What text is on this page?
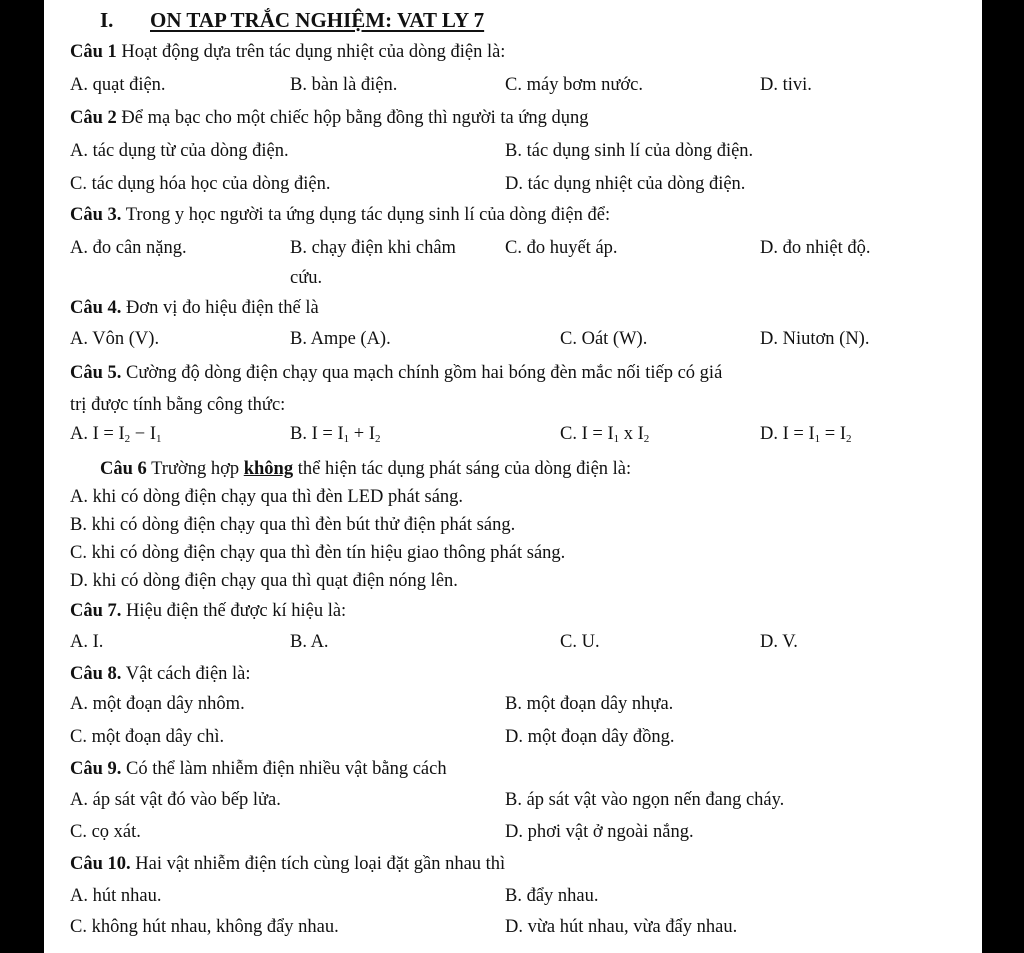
I. ON TAP TRẮC NGHIỆM: VAT LY 7
Câu 1 Hoạt động dựa trên tác dụng nhiệt của dòng điện là:
A. quạt điện.	B. bàn là điện.	C. máy bơm nước.	D. tivi.
Câu 2 Để mạ bạc cho một chiếc hộp bằng đồng thì người ta ứng dụng
A. tác dụng từ của dòng điện.	B. tác dụng sinh lí của dòng điện.
C. tác dụng hóa học của dòng điện.	D. tác dụng nhiệt của dòng điện.
Câu 3. Trong y học người ta ứng dụng tác dụng sinh lí của dòng điện để:
A. đo cân nặng.	B. chạy điện khi châm	C. đo huyết áp.	D. đo nhiệt độ.
cứu.
Câu 4. Đơn vị đo hiệu điện thế là
A. Vôn (V).	B. Ampe (A).	C. Oát (W).	D. Niutơn (N).
Câu 5. Cường độ dòng điện chạy qua mạch chính gồm hai bóng đèn mắc nối tiếp có giá
trị được tính bằng công thức:
A. $I = I_2 - I_1$	B. $I = I_1 + I_2$	C. $I = I_1$ x $I_2$	D. $I = I_1 = I_2$
Câu 6 Trường hợp không thể hiện tác dụng phát sáng của dòng điện là:
A. khi có dòng điện chạy qua thì đèn LED phát sáng.
B. khi có dòng điện chạy qua thì đèn bút thử điện phát sáng.
C. khi có dòng điện chạy qua thì đèn tín hiệu giao thông phát sáng.
D. khi có dòng điện chạy qua thì quạt điện nóng lên.
Câu 7. Hiệu điện thế được kí hiệu là:
A. I.	B. A.	C. U.	D. V.
Câu 8. Vật cách điện là:
A. một đoạn dây nhôm.	B. một đoạn dây nhựa.
C. một đoạn dây chì.	D. một đoạn dây đồng.
Câu 9. Có thể làm nhiễm điện nhiều vật bằng cách
A. áp sát vật đó vào bếp lửa.	B. áp sát vật vào ngọn nến đang cháy.
C. cọ xát.	D. phơi vật ở ngoài nắng.
Câu 10. Hai vật nhiễm điện tích cùng loại đặt gần nhau thì
A. hút nhau.	B. đẩy nhau.
C. không hút nhau, không đẩy nhau.	D. vừa hút nhau, vừa đẩy nhau.
